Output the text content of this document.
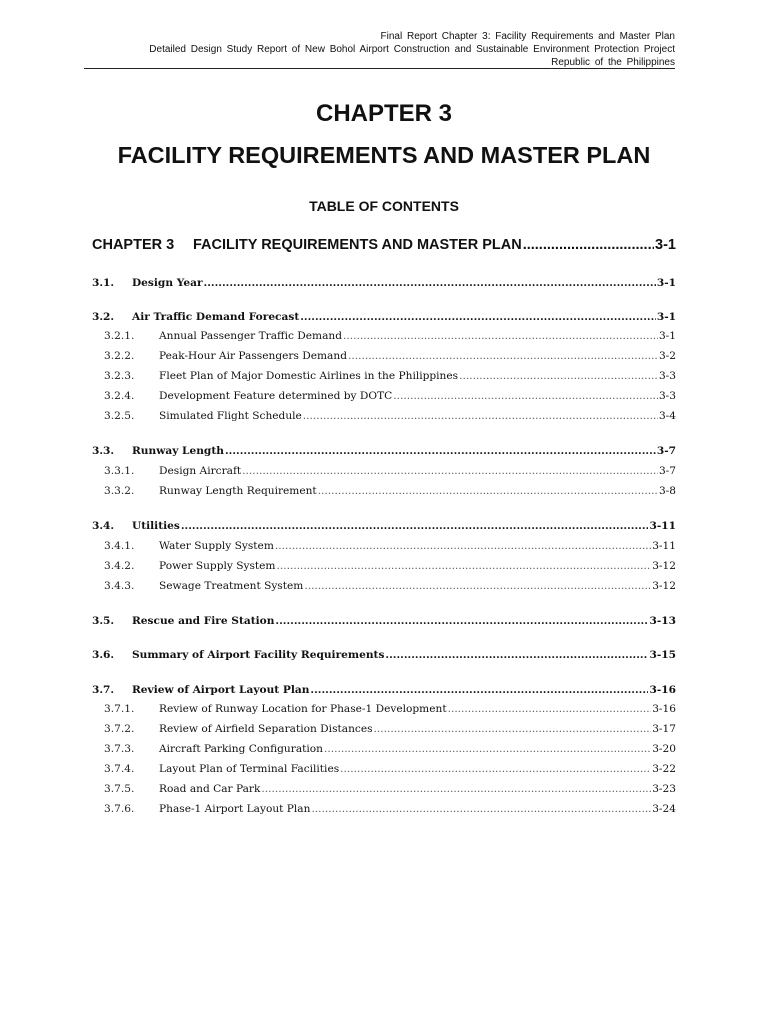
Final Report Chapter 3: Facility Requirements and Master Plan
Detailed Design Study Report of New Bohol Airport Construction and Sustainable Environment Protection Project
Republic of the Philippines
CHAPTER 3
FACILITY REQUIREMENTS AND MASTER PLAN
TABLE OF CONTENTS
CHAPTER 3	FACILITY REQUIREMENTS AND MASTER PLAN .....	3-1
3.1.	Design Year .....	3-1
3.2.	Air Traffic Demand Forecast .....	3-1
3.2.1.	Annual Passenger Traffic Demand .....	3-1
3.2.2.	Peak-Hour Air Passengers Demand .....	3-2
3.2.3.	Fleet Plan of Major Domestic Airlines in the Philippines .....	3-3
3.2.4.	Development Feature determined by DOTC .....	3-3
3.2.5.	Simulated Flight Schedule .....	3-4
3.3.	Runway Length .....	3-7
3.3.1.	Design Aircraft .....	3-7
3.3.2.	Runway Length Requirement .....	3-8
3.4.	Utilities .....	3-11
3.4.1.	Water Supply System .....	3-11
3.4.2.	Power Supply System .....	3-12
3.4.3.	Sewage Treatment System .....	3-12
3.5.	Rescue and Fire Station .....	3-13
3.6.	Summary of Airport Facility Requirements .....	3-15
3.7.	Review of Airport Layout Plan .....	3-16
3.7.1.	Review of Runway Location for Phase-1 Development .....	3-16
3.7.2.	Review of Airfield Separation Distances .....	3-17
3.7.3.	Aircraft Parking Configuration .....	3-20
3.7.4.	Layout Plan of Terminal Facilities .....	3-22
3.7.5.	Road and Car Park .....	3-23
3.7.6.	Phase-1 Airport Layout Plan .....	3-24
